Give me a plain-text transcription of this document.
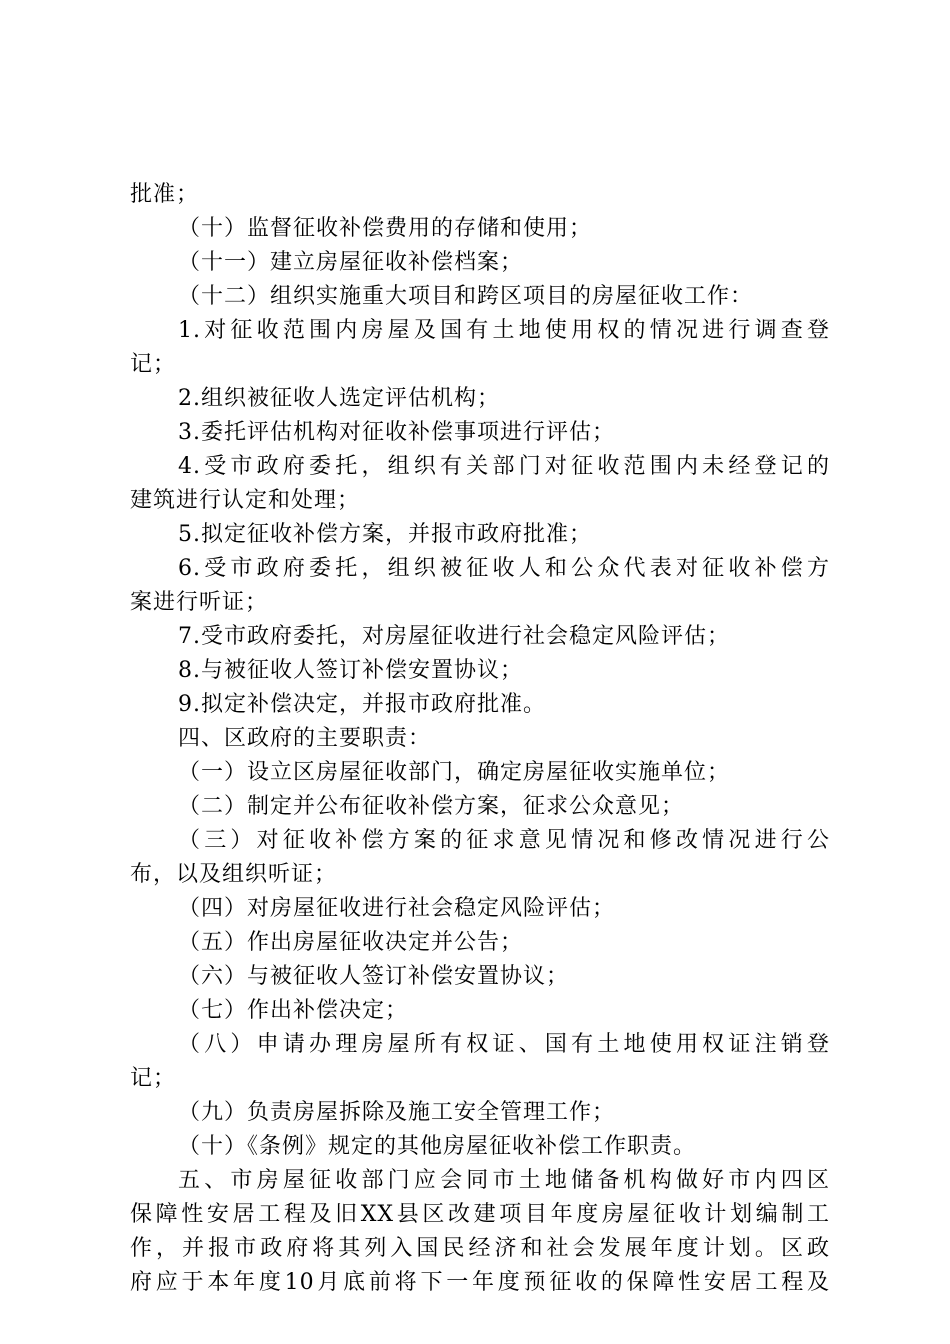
批准；
（十）监督征收补偿费用的存储和使用；
（十一）建立房屋征收补偿档案；
（十二）组织实施重大项目和跨区项目的房屋征收工作：
1.对征收范围内房屋及国有土地使用权的情况进行调查登
记；
2.组织被征收人选定评估机构；
3.委托评估机构对征收补偿事项进行评估；
4.受市政府委托，组织有关部门对征收范围内未经登记的
建筑进行认定和处理；
5.拟定征收补偿方案，并报市政府批准；
6.受市政府委托，组织被征收人和公众代表对征收补偿方
案进行听证；
7.受市政府委托，对房屋征收进行社会稳定风险评估；
8.与被征收人签订补偿安置协议；
9.拟定补偿决定，并报市政府批准。
四、区政府的主要职责：
（一）设立区房屋征收部门，确定房屋征收实施单位；
（二）制定并公布征收补偿方案，征求公众意见；
（三）对征收补偿方案的征求意见情况和修改情况进行公
布，以及组织听证；
（四）对房屋征收进行社会稳定风险评估；
（五）作出房屋征收决定并公告；
（六）与被征收人签订补偿安置协议；
（七）作出补偿决定；
（八）申请办理房屋所有权证、国有土地使用权证注销登
记；
（九）负责房屋拆除及施工安全管理工作；
（十）《条例》规定的其他房屋征收补偿工作职责。
五、市房屋征收部门应会同市土地储备机构做好市内四区
保障性安居工程及旧XX县区改建项目年度房屋征收计划编制工
作，并报市政府将其列入国民经济和社会发展年度计划。区政
府应于本年度10月底前将下一年度预征收的保障性安居工程及
